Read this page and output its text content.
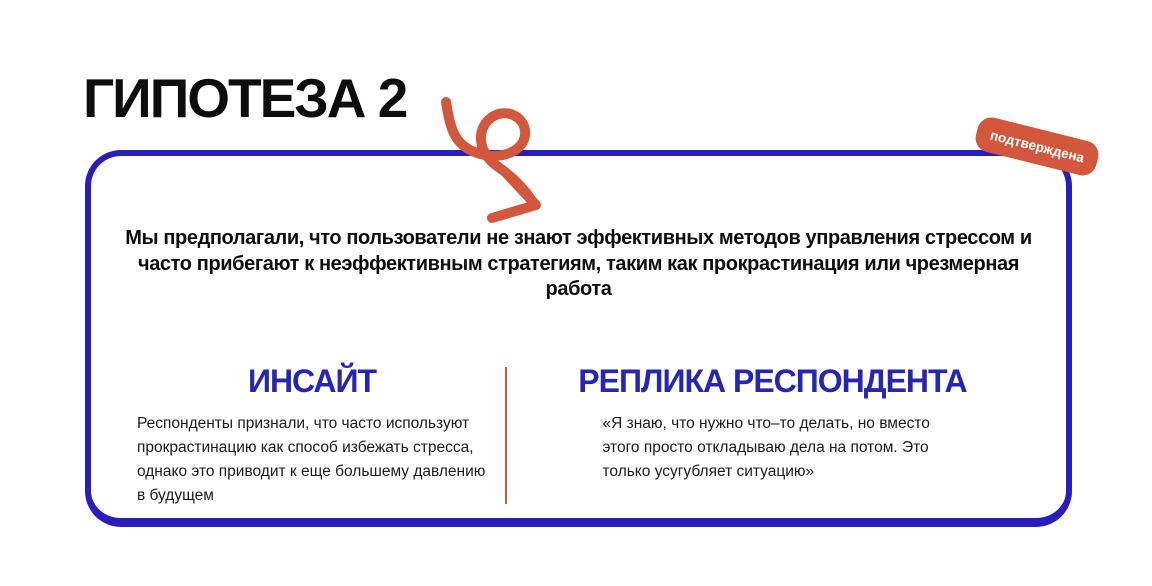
ГИПОТЕЗА 2
подтверждена

Мы предполагали, что пользователи не знают эффективных методов управления стрессом и часто прибегают к неэффективным стратегиям, таким как прокрастинация или чрезмерная работа

ИНСАЙТ

Респонденты признали, что часто используют прокрастинацию как способ избежать стресса, однако это приводит к еще большему давлению в будущем

РЕПЛИКА РЕСПОНДЕНТА

«Я знаю, что нужно что–то делать, но вместо этого просто откладываю дела на потом. Это только усугубляет ситуацию»
